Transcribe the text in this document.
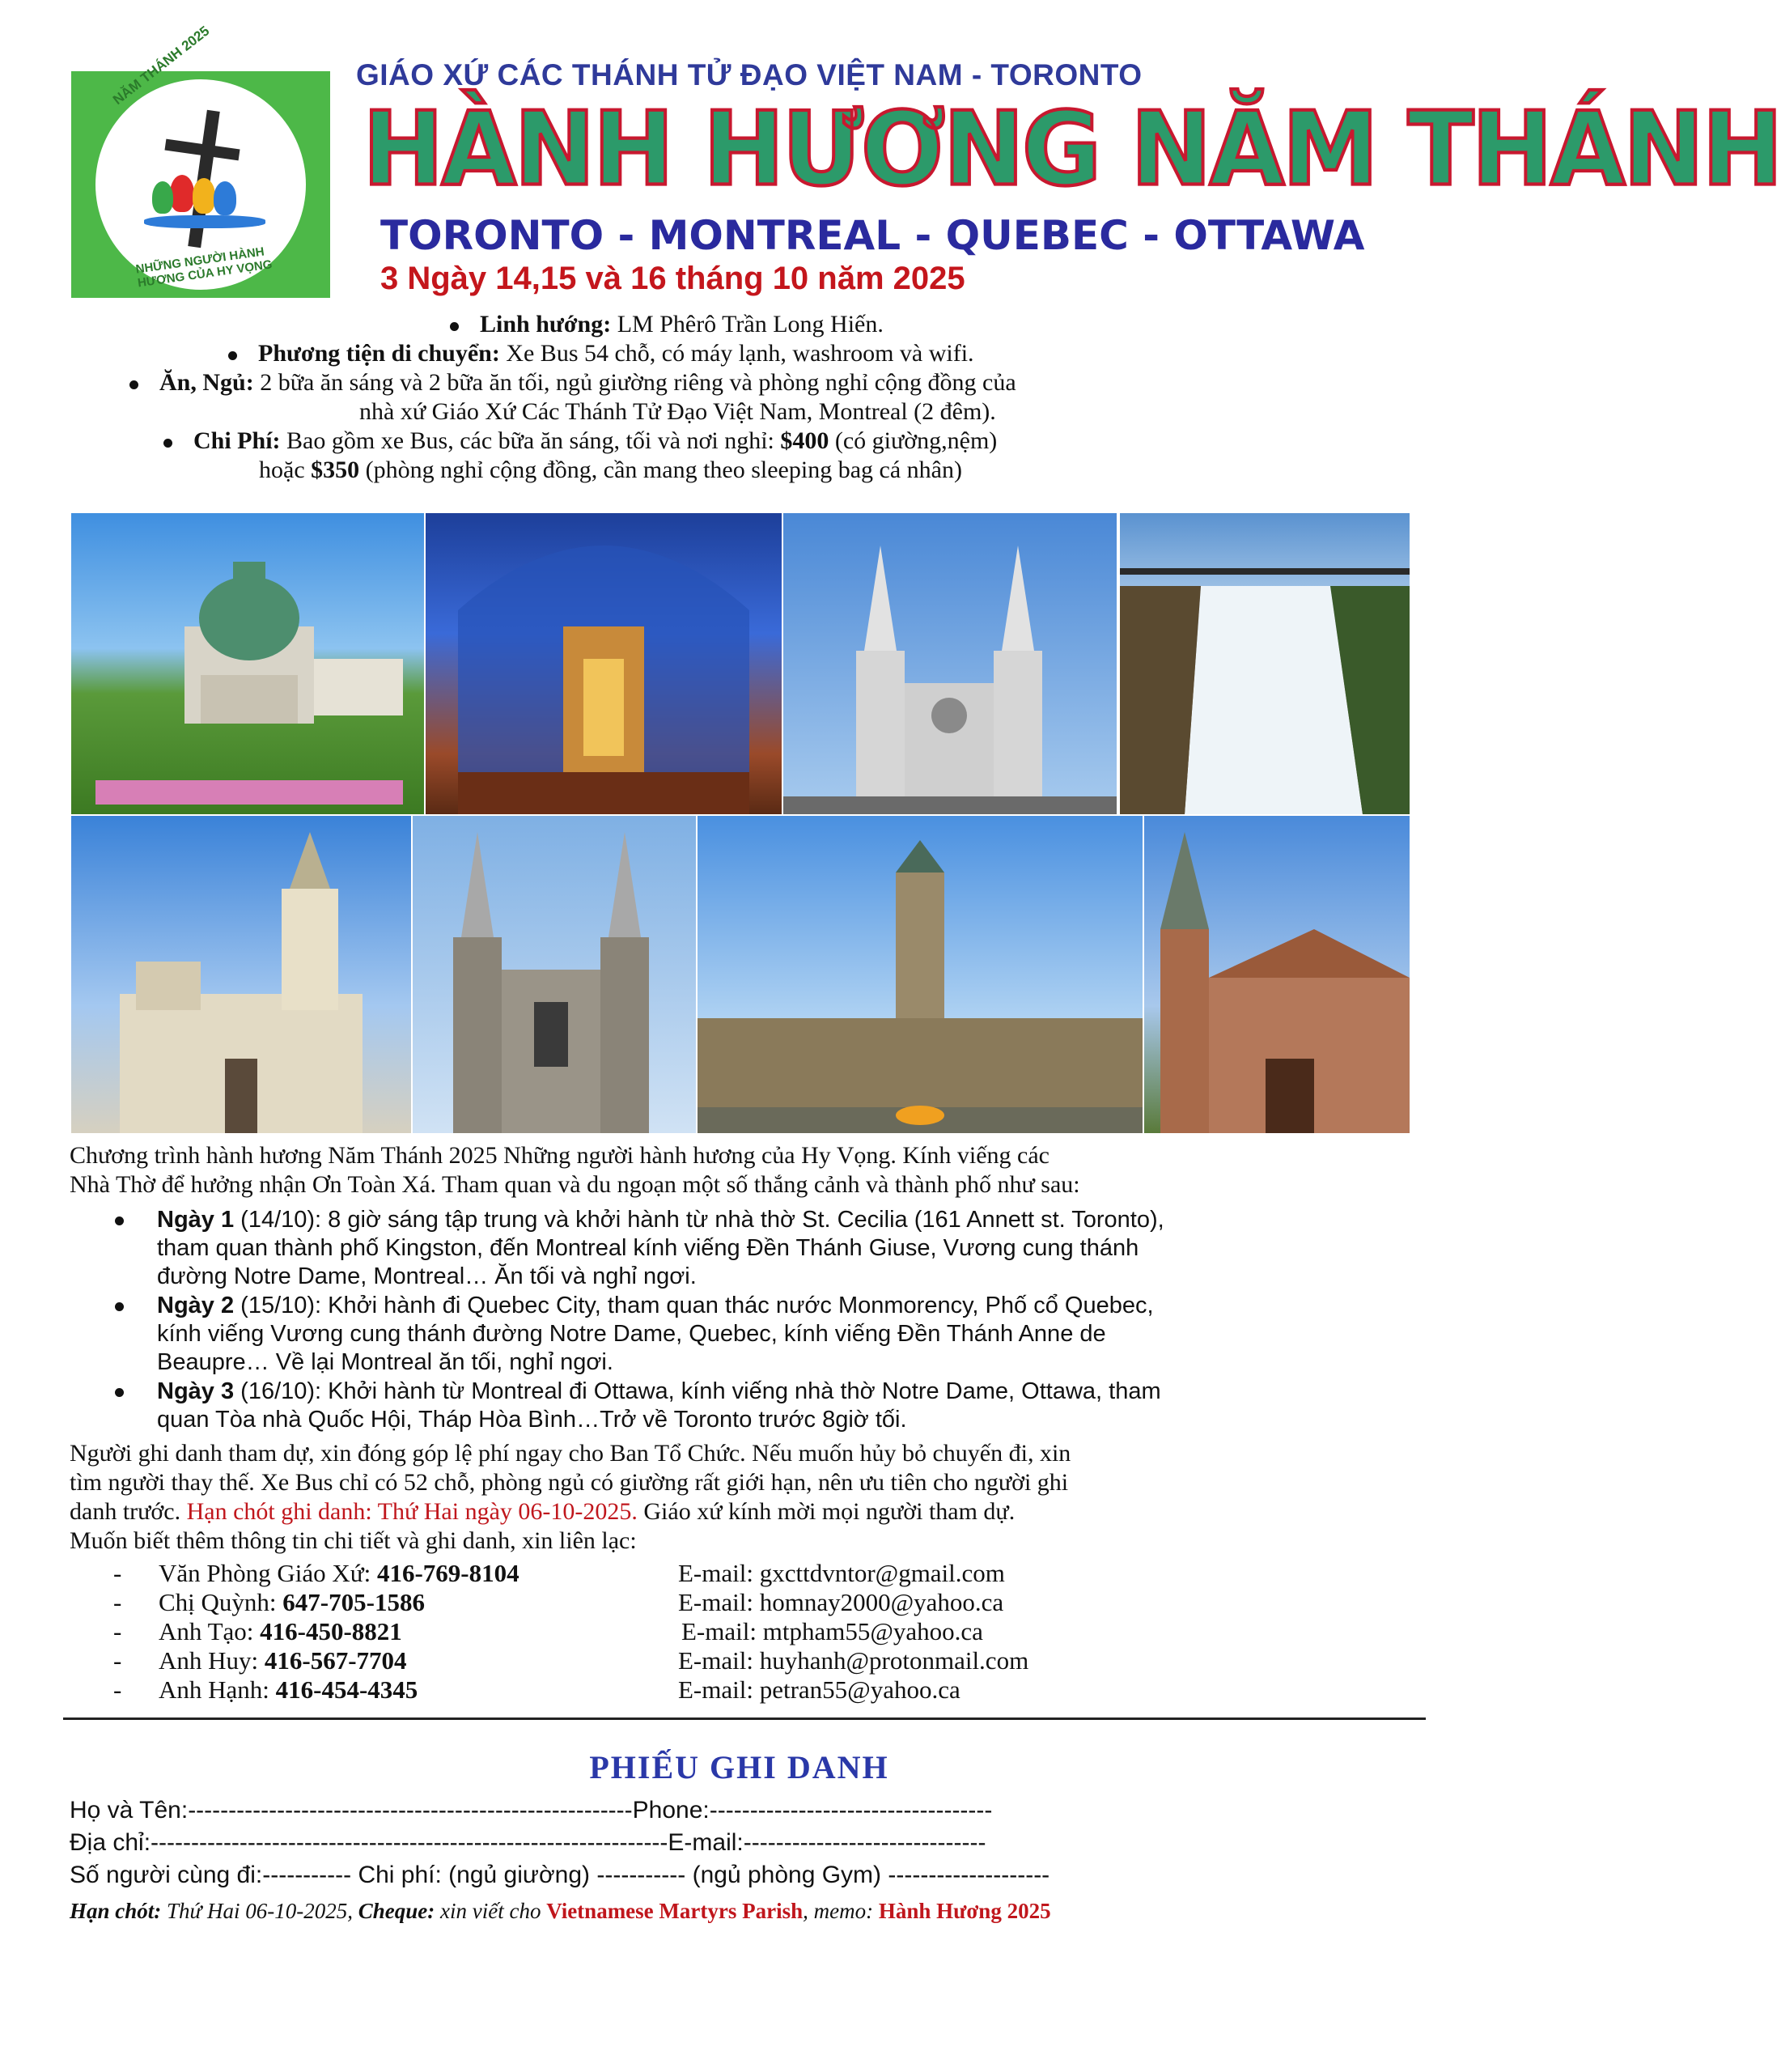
NĂM THÁNH 2025
NHỮNG NGƯỜI HÀNH HƯƠNG CỦA HY VỌNG
GIÁO XỨ CÁC THÁNH TỬ ĐẠO VIỆT NAM - TORONTO
HÀNH HƯƠNG NĂM THÁNH
TORONTO - MONTREAL - QUEBEC - OTTAWA
3 Ngày 14,15 và 16 tháng 10 năm 2025
Linh hướng: LM Phêrô Trần Long Hiến.
Phương tiện di chuyển: Xe Bus 54 chỗ, có máy lạnh, washroom và wifi.
Ăn, Ngủ: 2 bữa ăn sáng và 2 bữa ăn tối, ngủ giường riêng và phòng nghỉ cộng đồng của
nhà xứ Giáo Xứ Các Thánh Tử Đạo Việt Nam, Montreal (2 đêm).
Chi Phí: Bao gồm xe Bus, các bữa ăn sáng, tối và nơi nghỉ: $400 (có giường,nệm)
hoặc $350 (phòng nghỉ cộng đồng, cần mang theo sleeping bag cá nhân)
Chương trình hành hương Năm Thánh 2025 Những người hành hương của Hy Vọng. Kính viếng các
Nhà Thờ để hưởng nhận Ơn Toàn Xá. Tham quan và du ngoạn một số thắng cảnh và thành phố như sau:
Ngày 1 (14/10): 8 giờ sáng tập trung và khởi hành từ nhà thờ St. Cecilia (161 Annett st. Toronto),
tham quan thành phố Kingston, đến Montreal kính viếng Đền Thánh Giuse, Vương cung thánh
đường Notre Dame, Montreal… Ăn tối và nghỉ ngơi.
Ngày 2 (15/10): Khởi hành đi Quebec City, tham quan thác nước Monmorency, Phố cổ Quebec,
kính viếng Vương cung thánh đường Notre Dame, Quebec, kính viếng Đền Thánh Anne de
Beaupre… Về lại Montreal ăn tối, nghỉ ngơi.
Ngày 3 (16/10): Khởi hành từ Montreal đi Ottawa, kính viếng nhà thờ Notre Dame, Ottawa, tham
quan Tòa nhà Quốc Hội, Tháp Hòa Bình…Trở về Toronto trước 8giờ tối.
Người ghi danh tham dự, xin đóng góp lệ phí ngay cho Ban Tổ Chức. Nếu muốn hủy bỏ chuyến đi, xin
tìm người thay thế. Xe Bus chỉ có 52 chỗ, phòng ngủ có giường rất giới hạn, nên ưu tiên cho người ghi
danh trước. Hạn chót ghi danh: Thứ Hai ngày 06-10-2025. Giáo xứ kính mời mọi người tham dự.
Muốn biết thêm thông tin chi tiết và ghi danh, xin liên lạc:
- Văn Phòng Giáo Xứ: 416-769-8104	E-mail: gxcttdvntor@gmail.com
- Chị Quỳnh: 647-705-1586	E-mail: homnay2000@yahoo.ca
- Anh Tạo: 416-450-8821	E-mail: mtpham55@yahoo.ca
- Anh Huy: 416-567-7704	E-mail: huyhanh@protonmail.com
- Anh Hạnh: 416-454-4345	E-mail: petran55@yahoo.ca
PHIẾU GHI DANH
Họ và Tên:-------------------------------------------------------Phone:-----------------------------------
Địa chỉ:----------------------------------------------------------------E-mail:------------------------------
Số người cùng đi:----------- Chi phí: (ngủ giường) ----------- (ngủ phòng Gym) --------------------
Hạn chót: Thứ Hai 06-10-2025, Cheque: xin viết cho Vietnamese Martyrs Parish, memo: Hành Hương 2025
